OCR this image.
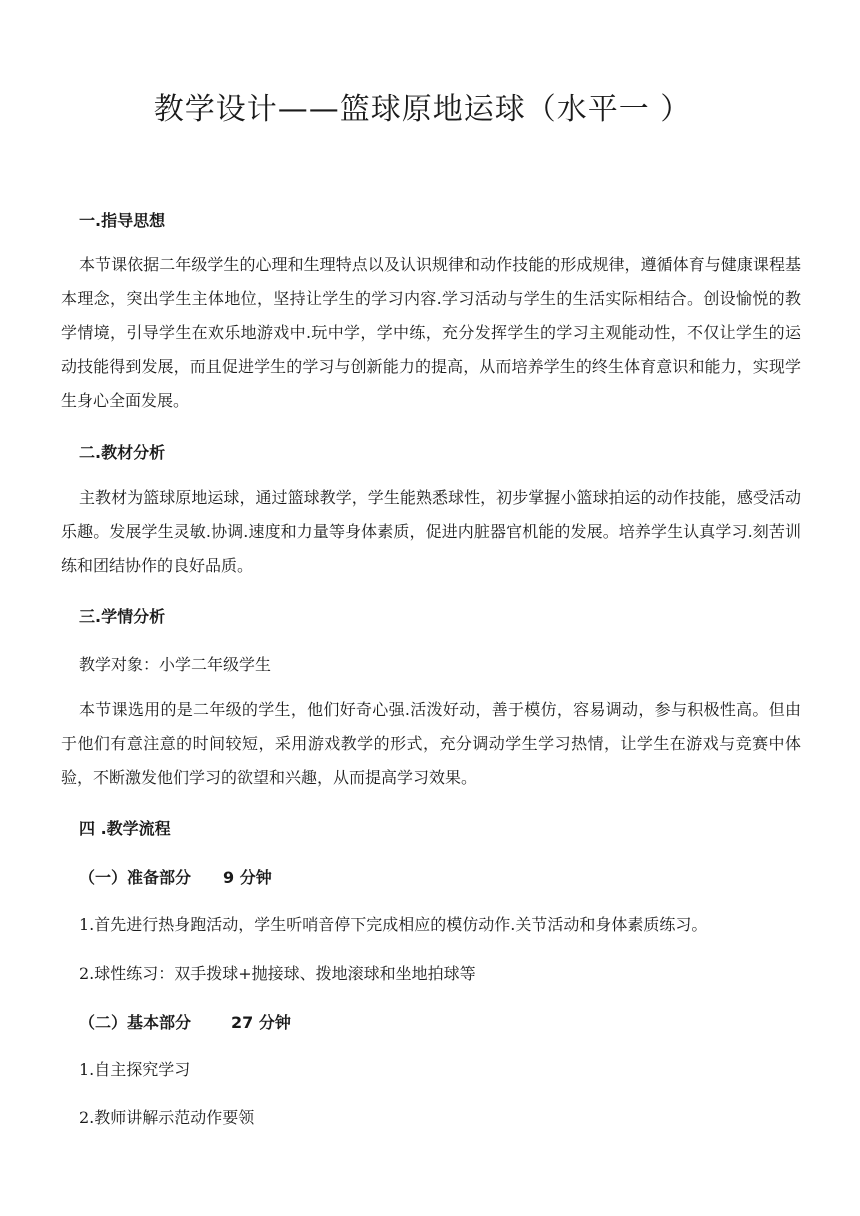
教学设计——篮球原地运球（水平一 ）
一.指导思想
本节课依据二年级学生的心理和生理特点以及认识规律和动作技能的形成规律，遵循体育与健康课程基本理念，突出学生主体地位，坚持让学生的学习内容.学习活动与学生的生活实际相结合。创设愉悦的教学情境，引导学生在欢乐地游戏中.玩中学，学中练，充分发挥学生的学习主观能动性，不仅让学生的运动技能得到发展，而且促进学生的学习与创新能力的提高，从而培养学生的终生体育意识和能力，实现学生身心全面发展。
二.教材分析
主教材为篮球原地运球，通过篮球教学，学生能熟悉球性，初步掌握小篮球拍运的动作技能，感受活动乐趣。发展学生灵敏.协调.速度和力量等身体素质，促进内脏器官机能的发展。培养学生认真学习.刻苦训练和团结协作的良好品质。
三.学情分析
教学对象：小学二年级学生
本节课选用的是二年级的学生，他们好奇心强.活泼好动，善于模仿，容易调动，参与积极性高。但由于他们有意注意的时间较短，采用游戏教学的形式，充分调动学生学习热情，让学生在游戏与竞赛中体验，不断激发他们学习的欲望和兴趣，从而提高学习效果。
四 .教学流程
（一）准备部分 9 分钟
1.首先进行热身跑活动，学生听哨音停下完成相应的模仿动作.关节活动和身体素质练习。
2.球性练习：双手拨球+抛接球、拨地滚球和坐地拍球等
（二）基本部分	27 分钟
1.自主探究学习
2.教师讲解示范动作要领
